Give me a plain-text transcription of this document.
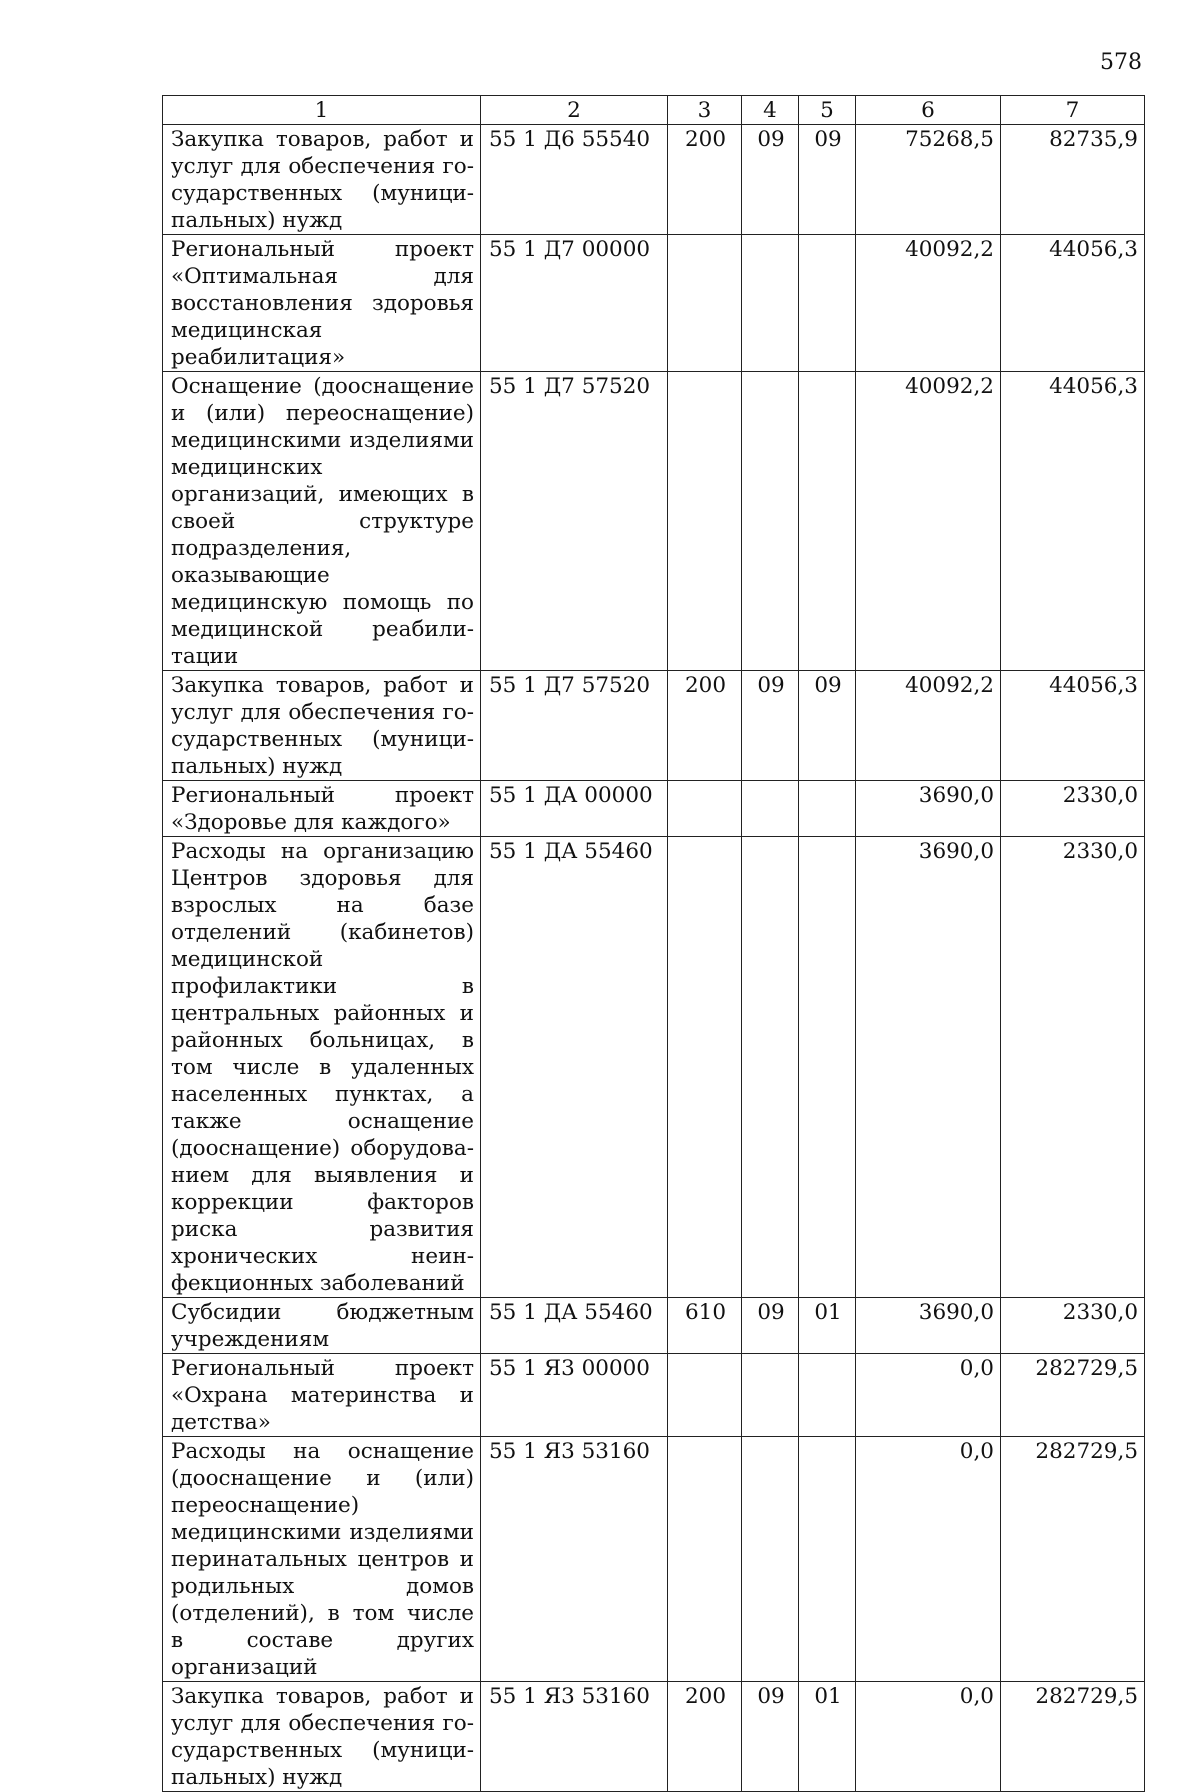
578
1	2	3	4	5	6	7
Закупка товаров, работ и услуг для обеспечения государственных (муниципальных) нужд	55 1 Д6 55540	200	09	09	75268,5	82735,9
Региональный проект «Оптимальная для восстановления здоровья медицинская реабилитация»	55 1 Д7 00000				40092,2	44056,3
Оснащение (дооснащение и (или) переоснащение) медицинскими изделиями медицинских организаций, имеющих в своей структуре подразделения, оказывающие медицинскую помощь по медицинской реабилитации	55 1 Д7 57520				40092,2	44056,3
Закупка товаров, работ и услуг для обеспечения государственных (муниципальных) нужд	55 1 Д7 57520	200	09	09	40092,2	44056,3
Региональный проект «Здоровье для каждого»	55 1 ДА 00000				3690,0	2330,0
Расходы на организацию Центров здоровья для взрослых на базе отделений (кабинетов) медицинской профилактики в центральных районных и районных больницах, в том числе в удаленных населенных пунктах, а также оснащение (дооснащение) оборудованием для выявления и коррекции факторов риска развития хронических неинфекционных заболеваний	55 1 ДА 55460				3690,0	2330,0
Субсидии бюджетным учреждениям	55 1 ДА 55460	610	09	01	3690,0	2330,0
Региональный проект «Охрана материнства и детства»	55 1 Я3 00000				0,0	282729,5
Расходы на оснащение (дооснащение и (или) переоснащение) медицинскими изделиями перинатальных центров и родильных домов (отделений), в том числе в составе других организаций	55 1 Я3 53160				0,0	282729,5
Закупка товаров, работ и услуг для обеспечения государственных (муниципальных) нужд	55 1 Я3 53160	200	09	01	0,0	282729,5
